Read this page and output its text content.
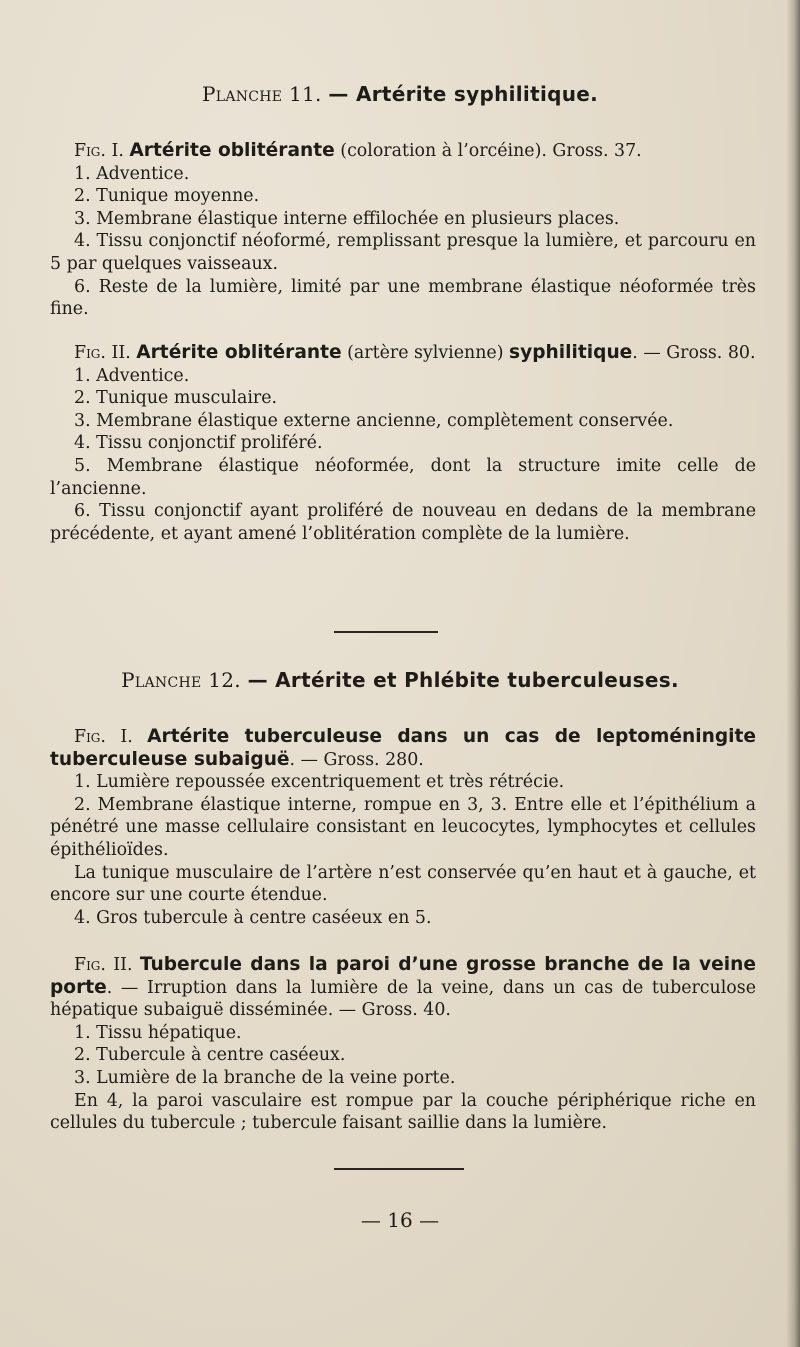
Planche 11. — Artérite syphilitique.

Fig. I. Artérite oblitérante (coloration à l’orcéine). Gross. 37.

1. Adventice.

2. Tunique moyenne.

3. Membrane élastique interne effilochée en plusieurs places.

4. Tissu conjonctif néoformé, remplissant presque la lumière, et parcouru en 5 par quelques vaisseaux.

6. Reste de la lumière, limité par une membrane élastique néoformée très fine.

Fig. II. Artérite oblitérante (artère sylvienne) syphilitique. — Gross. 80.

1. Adventice.

2. Tunique musculaire.

3. Membrane élastique externe ancienne, complètement conservée.

4. Tissu conjonctif proliféré.

5. Membrane élastique néoformée, dont la structure imite celle de l’ancienne.

6. Tissu conjonctif ayant proliféré de nouveau en dedans de la membrane précédente, et ayant amené l’oblitération complète de la lumière.

Planche 12. — Artérite et Phlébite tuberculeuses.

Fig. I. Artérite tuberculeuse dans un cas de leptoméningite tuberculeuse subaiguë. — Gross. 280.

1. Lumière repoussée excentriquement et très rétrécie.

2. Membrane élastique interne, rompue en 3, 3. Entre elle et l’épithélium a pénétré une masse cellulaire consistant en leucocytes, lymphocytes et cellules épithélioïdes.

La tunique musculaire de l’artère n’est conservée qu’en haut et à gauche, et encore sur une courte étendue.

4. Gros tubercule à centre caséeux en 5.

Fig. II. Tubercule dans la paroi d’une grosse branche de la veine porte. — Irruption dans la lumière de la veine, dans un cas de tuberculose hépatique subaiguë disséminée. — Gross. 40.

1. Tissu hépatique.

2. Tubercule à centre caséeux.

3. Lumière de la branche de la veine porte.

En 4, la paroi vasculaire est rompue par la couche périphérique riche en cellules du tubercule ; tubercule faisant saillie dans la lumière.

— 16 —
